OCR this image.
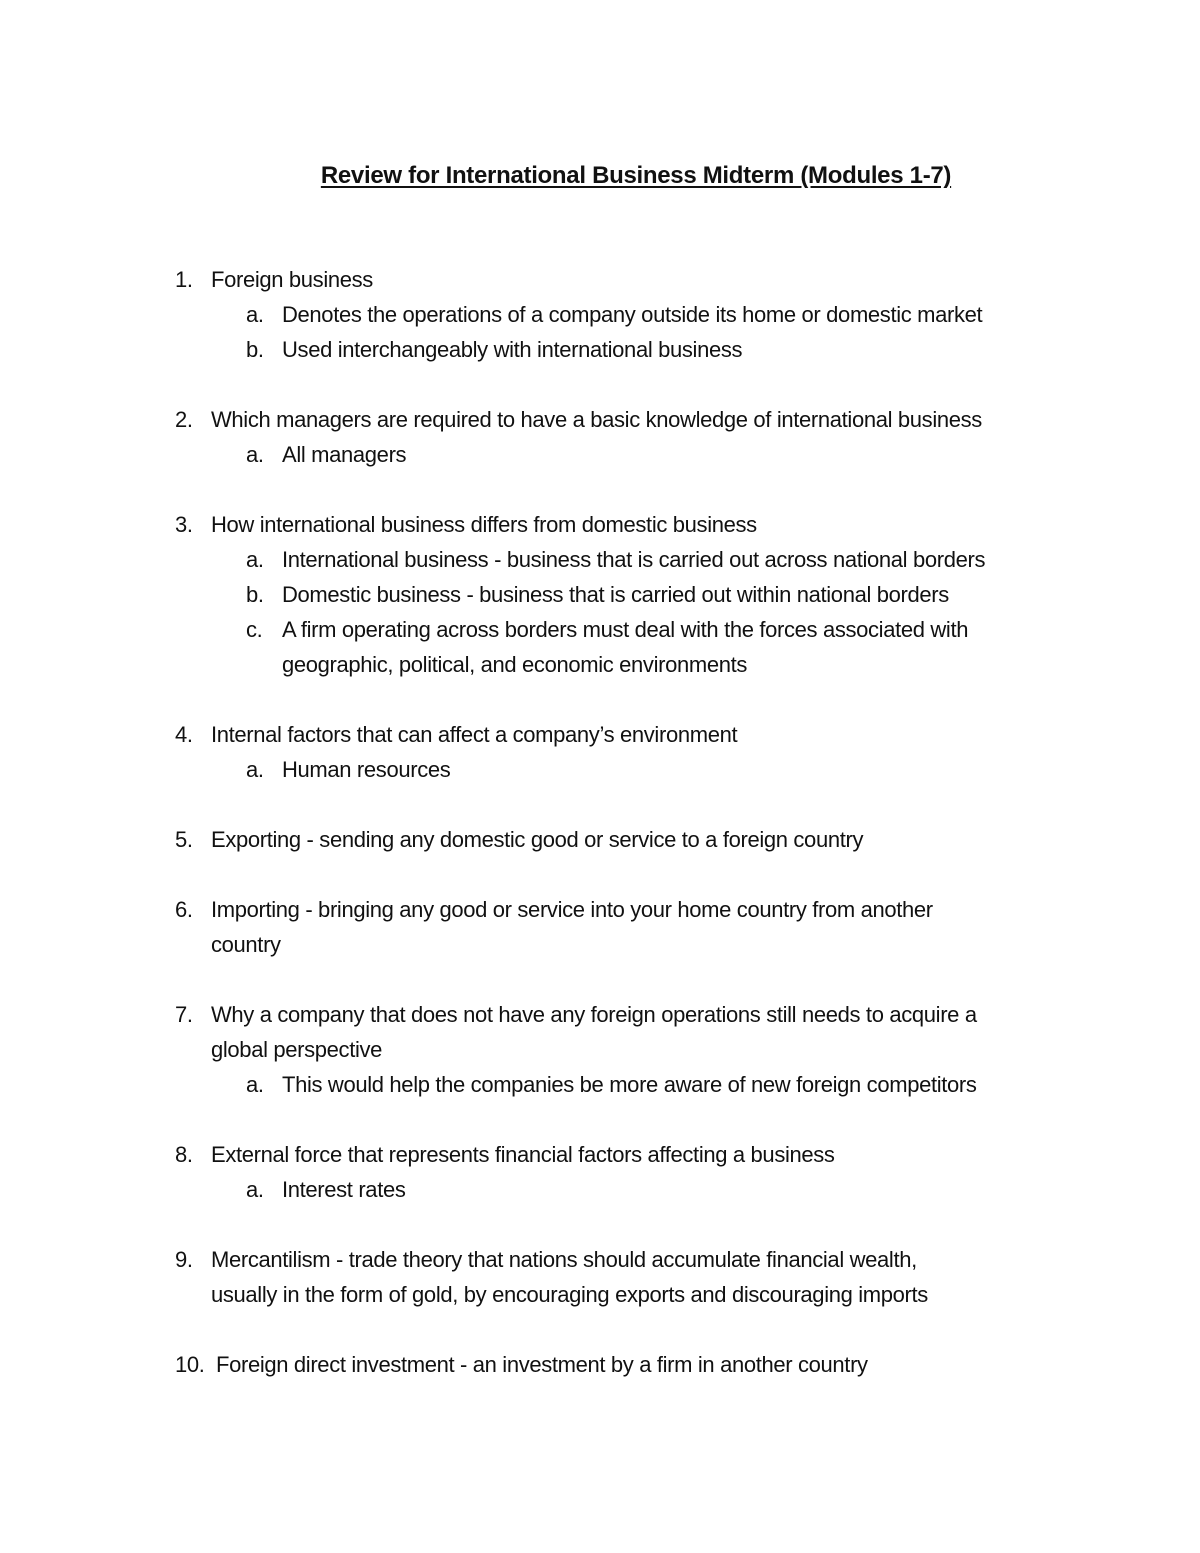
Review for International Business Midterm (Modules 1-7)
1. Foreign business
a. Denotes the operations of a company outside its home or domestic market
b. Used interchangeably with international business
2. Which managers are required to have a basic knowledge of international business
a. All managers
3. How international business differs from domestic business
a. International business - business that is carried out across national borders
b. Domestic business - business that is carried out within national borders
c. A firm operating across borders must deal with the forces associated with
geographic, political, and economic environments
4. Internal factors that can affect a company’s environment
a. Human resources
5. Exporting - sending any domestic good or service to a foreign country
6. Importing - bringing any good or service into your home country from another
country
7. Why a company that does not have any foreign operations still needs to acquire a
global perspective
a. This would help the companies be more aware of new foreign competitors
8. External force that represents financial factors affecting a business
a. Interest rates
9. Mercantilism - trade theory that nations should accumulate financial wealth,
usually in the form of gold, by encouraging exports and discouraging imports
10. Foreign direct investment - an investment by a firm in another country
